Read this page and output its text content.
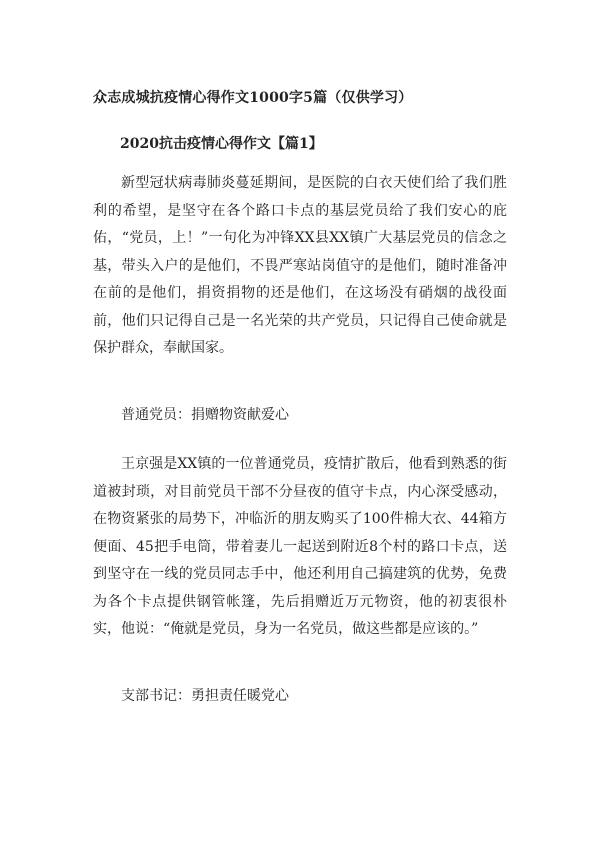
众志成城抗疫情心得作文1000字5篇（仅供学习）
2020抗击疫情心得作文【篇1】
新型冠状病毒肺炎蔓延期间，是医院的白衣天使们给了我们胜利的希望，是坚守在各个路口卡点的基层党员给了我们安心的庇佑，“党员，上！”一句化为冲锋XX县XX镇广大基层党员的信念之基，带头入户的是他们，不畏严寒站岗值守的是他们，随时准备冲在前的是他们，捐资捐物的还是他们，在这场没有硝烟的战役面前，他们只记得自己是一名光荣的共产党员，只记得自己使命就是保护群众，奉献国家。
普通党员：捐赠物资献爱心
王京强是XX镇的一位普通党员，疫情扩散后，他看到熟悉的街道被封琐，对目前党员干部不分昼夜的值守卡点，内心深受感动，在物资紧张的局势下，冲临沂的朋友购买了100件棉大衣、44箱方便面、45把手电筒，带着妻儿一起送到附近8个村的路口卡点，送到坚守在一线的党员同志手中，他还利用自己搞建筑的优势，免费为各个卡点提供钢管帐篷，先后捐赠近万元物资，他的初衷很朴实，他说：“俺就是党员，身为一名党员，做这些都是应该的。”
支部书记：勇担责任暖党心
